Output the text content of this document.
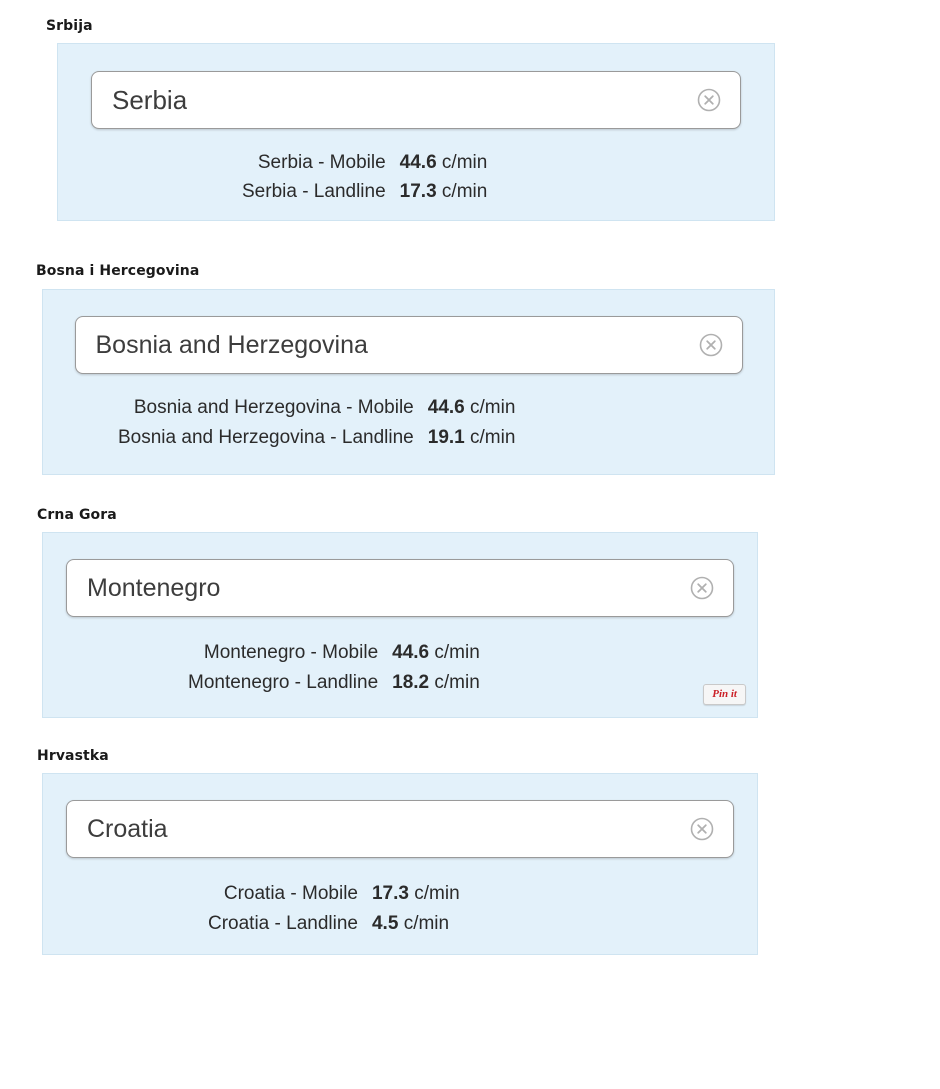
Srbija
Serbia
Serbia - Mobile	44.6 c/min
Serbia - Landline	17.3 c/min
Bosna i Hercegovina
Bosnia and Herzegovina
Bosnia and Herzegovina - Mobile	44.6 c/min
Bosnia and Herzegovina - Landline	19.1 c/min
Crna Gora
Montenegro
Montenegro - Mobile	44.6 c/min
Montenegro - Landline	18.2 c/min
Pin it
Hrvastka
Croatia
Croatia - Mobile	17.3 c/min
Croatia - Landline	4.5 c/min
